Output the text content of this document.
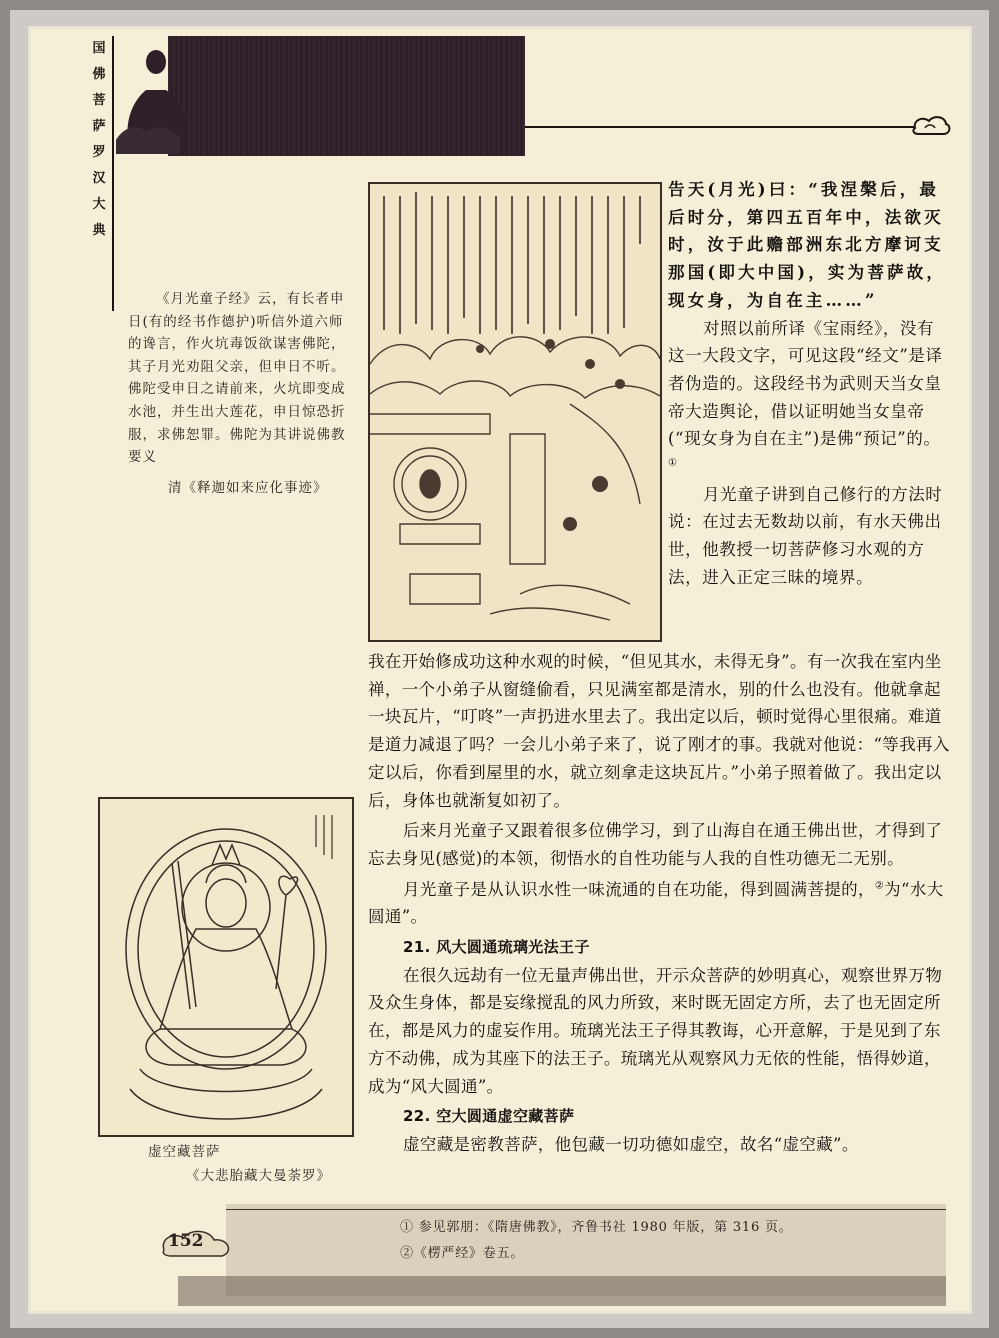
国
佛
菩
萨
罗
汉
大
典
《月光童子经》云，有长者申日(有的经书作德护)听信外道六师的谗言，作火坑毒饭欲谋害佛陀，其子月光劝阻父亲，但申日不听。佛陀受申日之请前来，火坑即变成水池，并生出大莲花，申日惊恐折服，求佛恕罪。佛陀为其讲说佛教要义
清《释迦如来应化事迹》

告天(月光)曰：“我涅槃后，最后时分，第四五百年中，法欲灭时，汝于此赡部洲东北方摩诃支那国(即大中国)，实为菩萨故，现女身，为自在主……”

对照以前所译《宝雨经》，没有这一大段文字，可见这段“经文”是译者伪造的。这段经书为武则天当女皇帝大造舆论，借以证明她当女皇帝(“现女身为自在主”)是佛“预记”的。①

月光童子讲到自己修行的方法时说：在过去无数劫以前，有水天佛出世，他教授一切菩萨修习水观的方法，进入正定三昧的境界。

我在开始修成功这种水观的时候，“但见其水，未得无身”。有一次我在室内坐禅，一个小弟子从窗缝偷看，只见满室都是清水，别的什么也没有。他就拿起一块瓦片，“叮咚”一声扔进水里去了。我出定以后，顿时觉得心里很痛。难道是道力减退了吗？一会儿小弟子来了，说了刚才的事。我就对他说：“等我再入定以后，你看到屋里的水，就立刻拿走这块瓦片。”小弟子照着做了。我出定以后，身体也就渐复如初了。

后来月光童子又跟着很多位佛学习，到了山海自在通王佛出世，才得到了忘去身见(感觉)的本领，彻悟水的自性功能与人我的自性功德无二无别。

月光童子是从认识水性一味流通的自在功能，得到圆满菩提的，②为“水大圆通”。

21. 风大圆通琉璃光法王子

在很久远劫有一位无量声佛出世，开示众菩萨的妙明真心，观察世界万物及众生身体，都是妄缘搅乱的风力所致，来时既无固定方所，去了也无固定所在，都是风力的虚妄作用。琉璃光法王子得其教诲，心开意解，于是见到了东方不动佛，成为其座下的法王子。琉璃光从观察风力无依的性能，悟得妙道，成为“风大圆通”。

22. 空大圆通虚空藏菩萨

虚空藏是密教菩萨，他包藏一切功德如虚空，故名“虚空藏”。

虚空藏菩萨
《大悲胎藏大曼荼罗》
① 参见郭朋：《隋唐佛教》，齐鲁书社 1980 年版，第 316 页。
②《楞严经》卷五。
152
